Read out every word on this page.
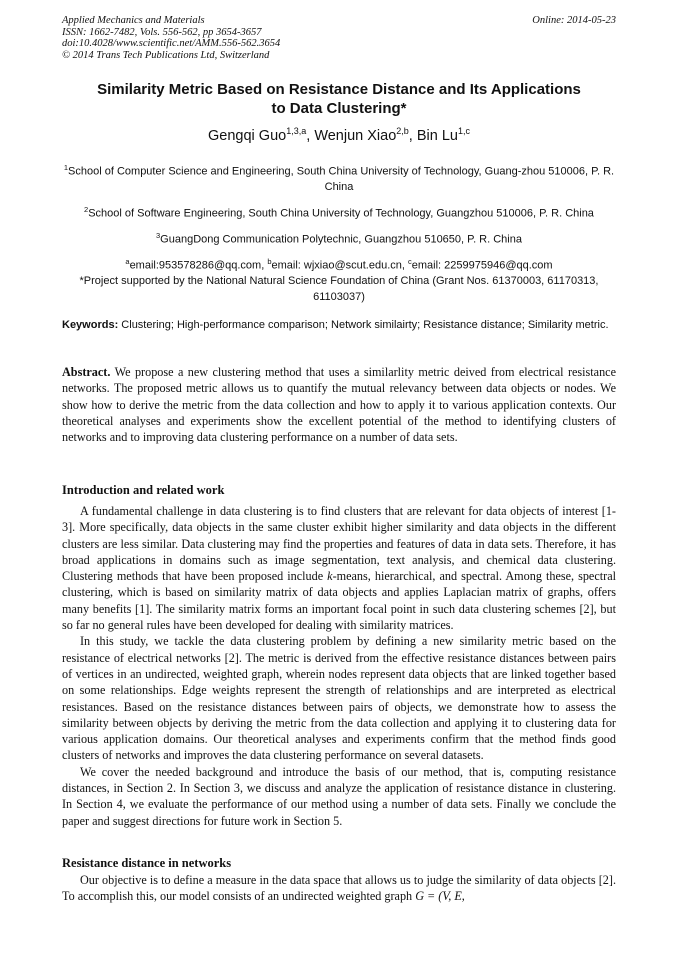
Applied Mechanics and Materials
ISSN: 1662-7482, Vols. 556-562, pp 3654-3657
doi:10.4028/www.scientific.net/AMM.556-562.3654
© 2014 Trans Tech Publications Ltd, Switzerland
Online: 2014-05-23
Similarity Metric Based on Resistance Distance and Its Applications
to Data Clustering*
Gengqi Guo$^{1,3,a}$, Wenjun Xiao$^{2,b}$, Bin Lu$^{1,c}$

$^1$School of Computer Science and Engineering, South China University of Technology, Guang-zhou 510006, P. R. China

$^2$School of Software Engineering, South China University of Technology, Guangzhou 510006, P. R. China

$^3$GuangDong Communication Polytechnic, Guangzhou 510650, P. R. China

$^a$email:953578286@qq.com, $^b$email: wjxiao@scut.edu.cn, $^c$email: 2259975946@qq.com

*Project supported by the National Natural Science Foundation of China (Grant Nos. 61370003, 61170313, 61103037)

Keywords: Clustering; High-performance comparison; Network similairty; Resistance distance; Similarity metric.
Abstract. We propose a new clustering method that uses a similarlity metric deived from electrical resistance networks. The proposed metric allows us to quantify the mutual relevancy between data objects or nodes. We show how to derive the metric from the data collection and how to apply it to various application contexts. Our theoretical analyses and experiments show the excellent potential of the method to identifying clusters of networks and to improving data clustering performance on a number of data sets.
Introduction and related work

A fundamental challenge in data clustering is to find clusters that are relevant for data objects of interest [1-3]. More specifically, data objects in the same cluster exhibit higher similarity and data objects in the different clusters are less similar. Data clustering may find the properties and features of data in data sets. Therefore, it has broad applications in domains such as image segmentation, text analysis, and chemical data clustering. Clustering methods that have been proposed include k-means, hierarchical, and spectral. Among these, spectral clustering, which is based on similarity matrix of data objects and applies Laplacian matrix of graphs, offers many benefits [1]. The similarity matrix forms an important focal point in such data clustering schemes [2], but so far no general rules have been developed for dealing with similarity matrices.

In this study, we tackle the data clustering problem by defining a new similarity metric based on the resistance of electrical networks [2]. The metric is derived from the effective resistance distances between pairs of vertices in an undirected, weighted graph, wherein nodes represent data objects that are linked together based on some relationships. Edge weights represent the strength of relationships and are interpreted as electrical resistances. Based on the resistance distances between pairs of objects, we demonstrate how to assess the similarity between objects by deriving the metric from the data collection and applying it to clustering data for various application domains. Our theoretical analyses and experiments confirm that the method finds good clusters of networks and improves the data clustering performance on several datasets.

We cover the needed background and introduce the basis of our method, that is, computing resistance distances, in Section 2. In Section 3, we discuss and analyze the application of resistance distance in clustering. In Section 4, we evaluate the performance of our method using a number of data sets. Finally we conclude the paper and suggest directions for future work in Section 5.

Resistance distance in networks

Our objective is to define a measure in the data space that allows us to judge the similarity of data objects [2]. To accomplish this, our model consists of an undirected weighted graph G = (V, E,
